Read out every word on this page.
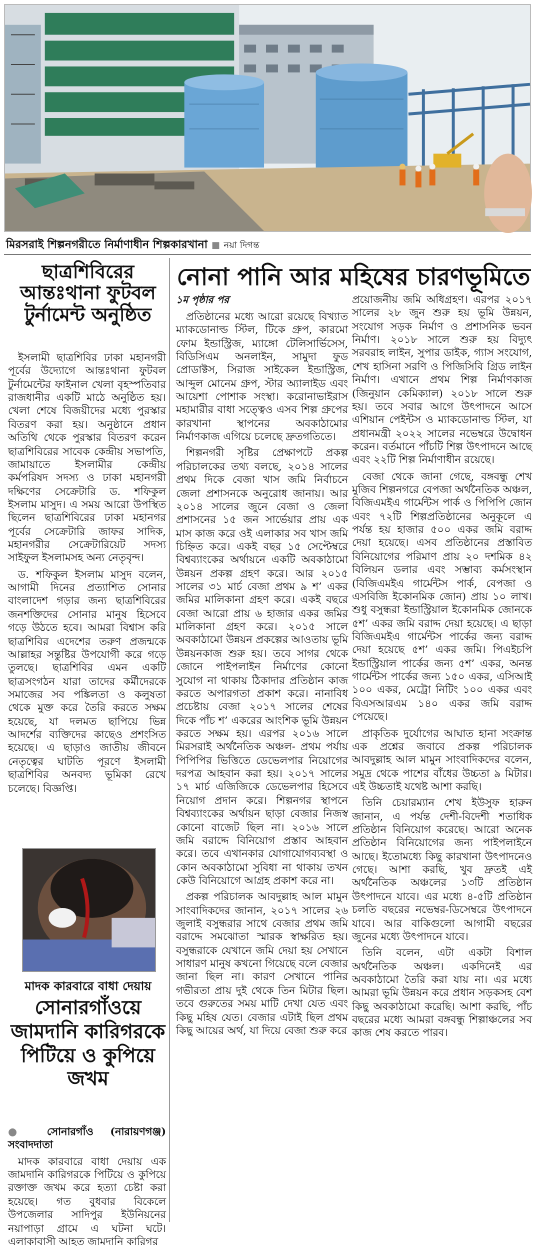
মিরসরাই শিল্পনগরীতে নির্মাণাধীন শিল্পকারখানা ■ নয়া দিগন্ত
ছাত্রশিবিরের আন্তঃথানা ফুটবল টুর্নামেন্ট অনুষ্ঠিত

ইসলামী ছাত্রশিবির ঢাকা মহানগরী পূর্বের উদ্যোগে আন্তঃথানা ফুটবল টুর্নামেন্টের ফাইনাল খেলা বৃহস্পতিবার রাজধানীর একটি মাঠে অনুষ্ঠিত হয়। খেলা শেষে বিজয়ীদের মধ্যে পুরস্কার বিতরণ করা হয়। অনুষ্ঠানে প্রধান অতিথি থেকে পুরস্কার বিতরণ করেন ছাত্রশিবিরের সাবেক কেন্দ্রীয় সভাপতি, জামায়াতে ইসলামীর কেন্দ্রীয় কর্মপরিষদ সদস্য ও ঢাকা মহানগরী দক্ষিণের সেক্রেটারি ড. শফিকুল ইসলাম মাসুদ। এ সময় আরো উপস্থিত ছিলেন ছাত্রশিবিরের ঢাকা মহানগর পূর্বের সেক্রেটারি জাফর সাদিক, মহানগরীর সেক্রেটারিয়েট সদস্য সাইফুল ইসলামসহ অন্য নেতৃবৃন্দ।

ড. শফিকুল ইসলাম মাসুদ বলেন, আগামী দিনের প্রত্যাশিত সোনার বাংলাদেশ গড়ার জন্য ছাত্রশিবিরের জনশক্তিদের সোনার মানুষ হিসেবে গড়ে উঠতে হবে। আমরা বিশ্বাস করি ছাত্রশিবির এদেশের তরুণ প্রজন্মকে আল্লাহর সন্তুষ্টির উপযোগী করে গড়ে তুলছে। ছাত্রশিবির এমন একটি ছাত্রসংগঠন যারা তাদের কর্মীদেরকে সমাজের সব পঙ্কিলতা ও কলুষতা থেকে মুক্ত করে তৈরি করতে সক্ষম হয়েছে, যা দলমত ছাপিয়ে ভিন্ন আদর্শের ব্যক্তিদের কাছেও প্রশংসিত হয়েছে। এ ছাড়াও জাতীয় জীবনে নেতৃত্বের ঘাটতি পূরণে ইসলামী ছাত্রশিবির অনবদ্য ভূমিকা রেখে চলেছে। বিজ্ঞপ্তি।

মাদক কারবারে বাধা দেয়ায়
সোনারগাঁওয়ে জামদানি কারিগরকে পিটিয়ে ও কুপিয়ে জখম

● সোনারগাঁও (নারায়ণগঞ্জ) সংবাদদাতা

মাদক কারবারে বাধা দেয়ায় এক জামদানি কারিগরকে পিটিয়ে ও কুপিয়ে রক্তাক্ত জখম করে হত্যা চেষ্টা করা হয়েছে। গত বুধবার বিকেলে উপজেলার সাদিপুর ইউনিয়নের নয়াপাড়া গ্রামে এ ঘটনা ঘটে। এলাকাবাসী আহত জামদানি কারিগর

নোনা পানি আর মহিষের চারণভূমিতে

১ম পৃষ্ঠার পর

প্রতিষ্ঠানের মধ্যে আরো রয়েছে বিখ্যাত ম্যাকডোনাল্ড স্টিল, টিকে গ্রুপ, কারমো ফোম ইন্ডাস্ট্রিজ, ম্যাঙ্গো টেলিসার্ভিসেস, বিডিসিএম অনলাইন, সামুদা ফুড প্রোডাক্টস, সিরাজ সাইকেল ইন্ডাস্ট্রিজ, আব্দুল মোনেম গ্রুপ, স্টার অ্যালাইড এবং আয়েশা পোশাক সংস্থা। করোনাভাইরাস মহামারীর বাধা সত্ত্বেও এসব শিল্প গ্রুপের কারখানা স্থাপনের অবকাঠামোর নির্মাণকাজ এগিয়ে চলেছে দ্রুতগতিতে।

শিল্পনগরী সৃষ্টির প্রেক্ষাপটে প্রকল্প পরিচালকের তথ্য বলছে, ২০১৪ সালের প্রথম দিকে বেজা খাস জমি নির্বাচনে জেলা প্রশাসনকে অনুরোধ জানায়। আর ২০১৪ সালের জুনে বেজা ও জেলা প্রশাসনের ১৫ জন সার্ভেয়ার প্রায় এক মাস কাজ করে ওই এলাকার সব খাস জমি চিহ্নিত করে। একই বছর ১৫ সেপ্টেম্বরে বিশ্বব্যাংকের অর্থায়নে একটি অবকাঠামো উন্নয়ন প্রকল্প গ্রহণ করে। আর ২০১৫ সালের ৩১ মার্চ বেজা প্রথম ৯ শ’ একর জমির মালিকানা গ্রহণ করে। একই বছরে বেজা আরো প্রায় ৬ হাজার একর জমির মালিকানা গ্রহণ করে। ২০১৫ সালে অবকাঠামো উন্নয়ন প্রকল্পের আওতায় ভূমি উন্নয়নকাজ শুরু হয়। তবে সাগর থেকে জোনে পাইপলাইন নির্মাণের কোনো সুযোগ না থাকায় ঠিকাদার প্রতিষ্ঠান কাজ করতে অপারগতা প্রকাশ করে। নানাবিধ প্রচেষ্টায় বেজা ২০১৭ সালের শেষের দিকে পাঁচ শ’ একরের আংশিক ভূমি উন্নয়ন করতে সক্ষম হয়। এরপর ২০১৬ সালে মিরসরাই অর্থনৈতিক অঞ্চল- প্রথম পর্যায় পিপিপির ভিত্তিতে ডেভেলপার নিয়োগের দরপত্র আহবান করা হয়। ২০১৭ সালের ১৭ মার্চ এজিজিকে ডেভেলপার হিসেবে নিয়োগ প্রদান করে। শিল্পনগর স্থাপনে বিশ্বব্যাংকের অর্থায়ন ছাড়া বেজার নিজস্ব কোনো বাজেট ছিল না। ২০১৬ সালে জমি বরাদ্দে বিনিয়োগ প্রস্তাব আহবান করে। তবে এখানকার যোগাযোগব্যবস্থা ও কোন অবকাঠামো সুবিধা না থাকায় তখন কেউ বিনিয়োগে আগ্রহ প্রকাশ করে না।

প্রকল্প পরিচালক আবদুল্লাহ আল মামুন সাংবাদিকদের জানান, ২০১৭ সালের ২৬ জুলাই বসুন্ধরার সাথে বেজার প্রথম জমি বরাদ্দে সমঝোতা স্মারক স্বাক্ষরিত হয়। বসুন্ধরাকে যেখানে জমি দেয়া হয় সেখানে সাধারণ মানুষ কখনো গিয়েছে বলে বেজার জানা ছিল না। কারণ সেখানে পানির গভীরতা প্রায় দুই থেকে তিন মিটার ছিল। তবে গুরুতের সময় মাটি দেখা যেত এবং কিছু মহিষ যেত। বেজার এটাই ছিল প্রথম কিছু আয়ের অর্থ, যা দিয়ে বেজা শুরু করে

প্রয়োজনীয় জমি অধিগ্রহণ। এরপর ২০১৭ সালের ২৮ জুন শুরু হয় ভূমি উন্নয়ন, সংযোগ সড়ক নির্মাণ ও প্রশাসনিক ভবন নির্মাণ। ২০১৮ সালে শুরু হয় বিদ্যুৎ সরবরাহ লাইন, সুপার ডাইক, গ্যাস সংযোগ, শেখ হাসিনা সরণি ও পিজিসিবি গ্রিড লাইন নির্মাণ। এখানে প্রথম শিল্প নির্মাণকাজ (জিনুয়ান কেমিক্যাল) ২০১৮ সালে শুরু হয়। তবে সবার আগে উৎপাদনে আসে এশিয়ান পেইন্টস ও ম্যাকডোনাল্ড স্টিল, যা প্রধানমন্ত্রী ২০২২ সালের নভেম্বরে উদ্বোধন করেন। বর্তমানে পাঁচটি শিল্প উৎপাদনে আছে এবং ২২টি শিল্প নির্মাণাধীন রয়েছে।

বেজা থেকে জানা গেছে, বঙ্গবন্ধু শেখ মুজিব শিল্পনগরে বেপজা অর্থনৈতিক অঞ্চল, বিজিএমইএ গার্মেন্টস পার্ক ও পিপিপি জোন এবং ৭২টি শিল্পপ্রতিষ্ঠানের অনুকূলে এ পর্যন্ত হয় হাজার ৫০০ একর জমি বরাদ্দ দেয়া হয়েছে। এসব প্রতিষ্ঠানের প্রস্তাবিত বিনিয়োগের পরিমাণ প্রায় ২০ দশমিক ৪২ বিলিয়ন ডলার এবং সম্ভাব্য কর্মসংস্থান (বিজিএমইএ গার্মেন্টস পার্ক, বেপজা ও এসবিজি ইকোনমিক জোন) প্রায় ১০ লাখ। শুধু বসুন্ধরা ইন্ডাস্ট্রিয়াল ইকোনমিক জোনকে ৫শ’ একর জমি বরাদ্দ দেয়া হয়েছে। এ ছাড়া বিজিএমইএ গার্মেন্টস পার্কের জন্য বরাদ্দ দেয়া হয়েছে ৫শ’ একর জমি। পিএইচপি ইন্ডাস্ট্রিয়াল পার্কের জন্য ৫শ’ একর, অনন্ত গার্মেন্টস পার্কের জন্য ১৫০ একর, এসিআই ১০০ একর, মেট্রো নিটিং ১০০ একর এবং বিএসআরএম ১৪০ একর জমি বরাদ্দ পেয়েছে।

প্রাকৃতিক দুর্যোগের আঘাত হানা সংক্রান্ত এক প্রশ্নের জবাবে প্রকল্প পরিচালক আবদুল্লাহ আল মামুন সাংবাদিকদের বলেন, সমুদ্র থেকে পাশের বাঁধের উচ্চতা ৯ মিটার। এই উচ্চতাই যথেষ্ট আশা করছি।

তিনি চেয়ারম্যান শেখ ইউসুফ হারুন জানান, এ পর্যন্ত দেশী-বিদেশী শতাধিক প্রতিষ্ঠান বিনিয়োগ করেছে। আরো অনেক প্রতিষ্ঠান বিনিয়োগের জন্য পাইপলাইনে আছে। ইতোমধ্যে কিছু কারখানা উৎপাদনেও গেছে। আশা করছি, খুব দ্রুতই এই অর্থনৈতিক অঞ্চলের ১৩টি প্রতিষ্ঠান উৎপাদনে যাবে। এর মধ্যে ৪-৫টি প্রতিষ্ঠান চলতি বছরের নভেম্বর-ডিসেম্বরে উৎপাদনে যাবে। আর বাকিগুলো আগামী বছরের জুনের মধ্যে উৎপাদনে যাবে।

তিনি বলেন, এটা একটা বিশাল অর্থনৈতিক অঞ্চল। একদিনেই এর অবকাঠামো তৈরি করা যায় না। এর মধ্যে আমরা ভূমি উন্নয়ন করে প্রধান সড়কসহ বেশ কিছু অবকাঠামো করেছি। আশা করছি, পাঁচ বছরের মধ্যে আমরা বঙ্গবন্ধু শিল্পাঞ্চলের সব কাজ শেষ করতে পারব।
